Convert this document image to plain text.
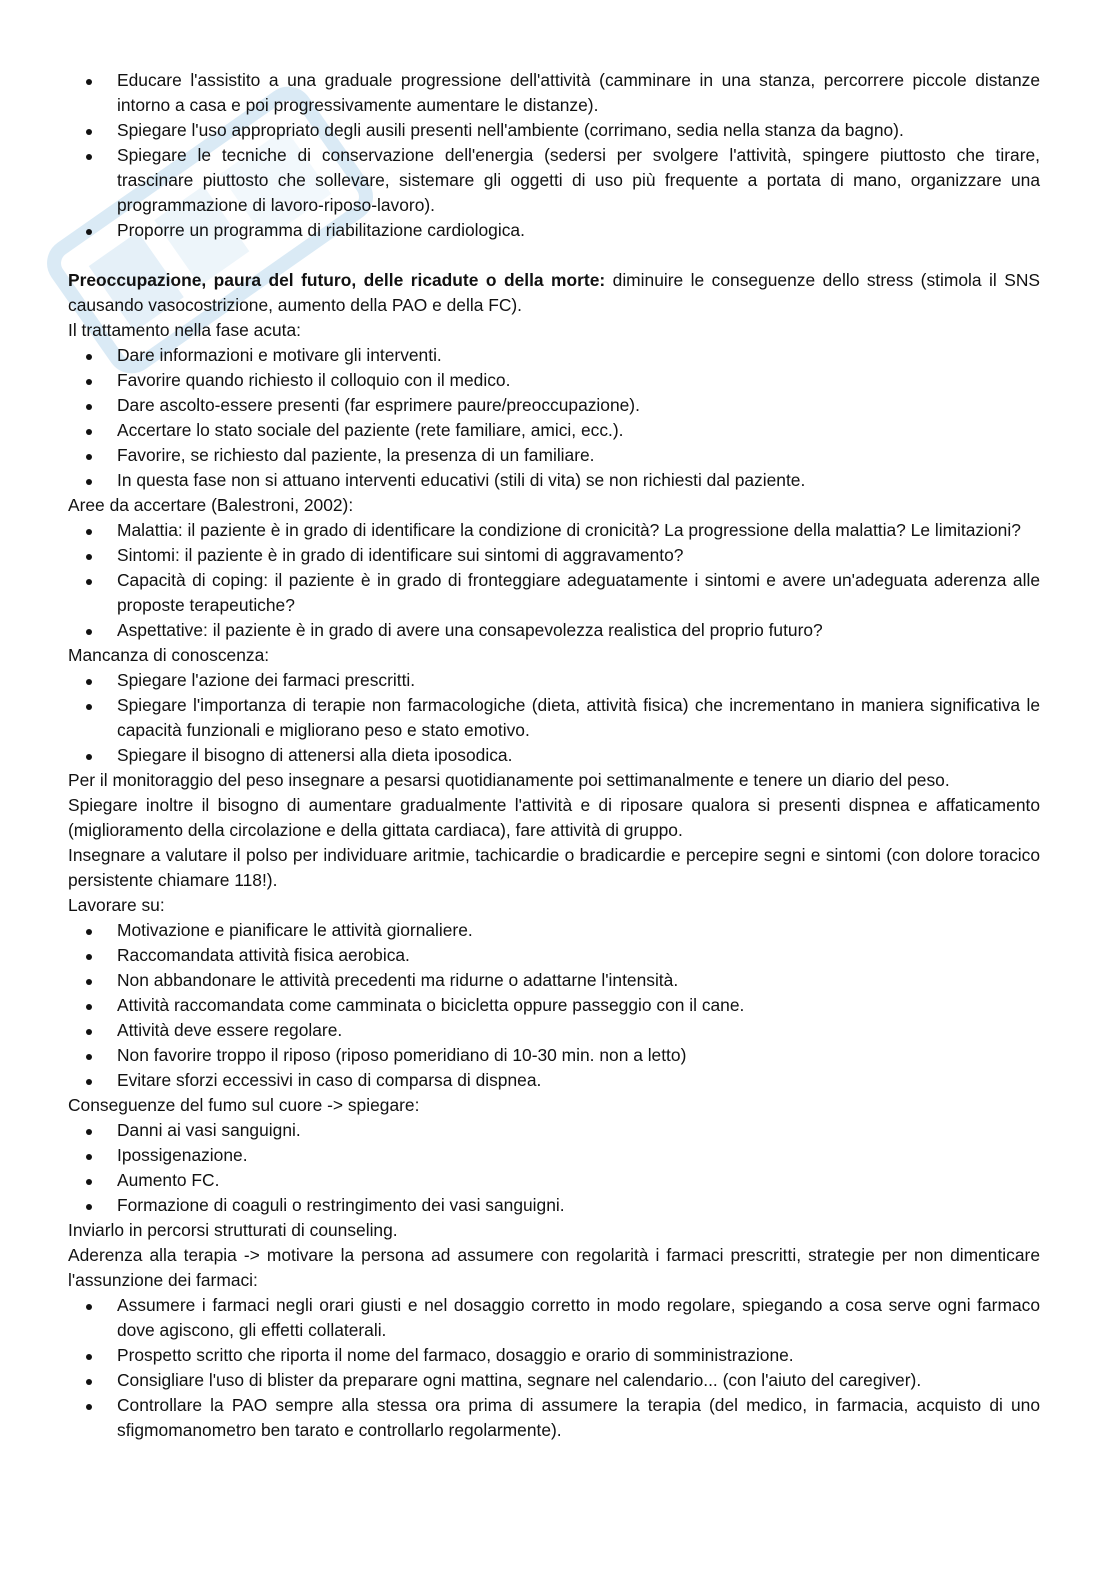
Educare l'assistito a una graduale progressione dell'attività (camminare in una stanza, percorrere piccole distanze intorno a casa e poi progressivamente aumentare le distanze).
Spiegare l'uso appropriato degli ausili presenti nell'ambiente (corrimano, sedia nella stanza da bagno).
Spiegare le tecniche di conservazione dell'energia (sedersi per svolgere l'attività, spingere piuttosto che tirare, trascinare piuttosto che sollevare, sistemare gli oggetti di uso più frequente a portata di mano, organizzare una programmazione di lavoro-riposo-lavoro).
Proporre un programma di riabilitazione cardiologica.

Preoccupazione, paura del futuro, delle ricadute o della morte: diminuire le conseguenze dello stress (stimola il SNS causando vasocostrizione, aumento della PAO e della FC).

Il trattamento nella fase acuta:

Dare informazioni e motivare gli interventi.
Favorire quando richiesto il colloquio con il medico.
Dare ascolto-essere presenti (far esprimere paure/preoccupazione).
Accertare lo stato sociale del paziente (rete familiare, amici, ecc.).
Favorire, se richiesto dal paziente, la presenza di un familiare.
In questa fase non si attuano interventi educativi (stili di vita) se non richiesti dal paziente.

Aree da accertare (Balestroni, 2002):

Malattia: il paziente è in grado di identificare la condizione di cronicità? La progressione della malattia? Le limitazioni?
Sintomi: il paziente è in grado di identificare sui sintomi di aggravamento?
Capacità di coping: il paziente è in grado di fronteggiare adeguatamente i sintomi e avere un'adeguata aderenza alle proposte terapeutiche?
Aspettative: il paziente è in grado di avere una consapevolezza realistica del proprio futuro?

Mancanza di conoscenza:

Spiegare l'azione dei farmaci prescritti.
Spiegare l'importanza di terapie non farmacologiche (dieta, attività fisica) che incrementano in maniera significativa le capacità funzionali e migliorano peso e stato emotivo.
Spiegare il bisogno di attenersi alla dieta iposodica.

Per il monitoraggio del peso insegnare a pesarsi quotidianamente poi settimanalmente e tenere un diario del peso.

Spiegare inoltre il bisogno di aumentare gradualmente l'attività e di riposare qualora si presenti dispnea e affaticamento (miglioramento della circolazione e della gittata cardiaca), fare attività di gruppo.

Insegnare a valutare il polso per individuare aritmie, tachicardie o bradicardie e percepire segni e sintomi (con dolore toracico persistente chiamare 118!).

Lavorare su:

Motivazione e pianificare le attività giornaliere.
Raccomandata attività fisica aerobica.
Non abbandonare le attività precedenti ma ridurne o adattarne l'intensità.
Attività raccomandata come camminata o bicicletta oppure passeggio con il cane.
Attività deve essere regolare.
Non favorire troppo il riposo (riposo pomeridiano di 10-30 min. non a letto)
Evitare sforzi eccessivi in caso di comparsa di dispnea.

Conseguenze del fumo sul cuore -> spiegare:

Danni ai vasi sanguigni.
Ipossigenazione.
Aumento FC.
Formazione di coaguli o restringimento dei vasi sanguigni.

Inviarlo in percorsi strutturati di counseling.

Aderenza alla terapia -> motivare la persona ad assumere con regolarità i farmaci prescritti, strategie per non dimenticare l'assunzione dei farmaci:

Assumere i farmaci negli orari giusti e nel dosaggio corretto in modo regolare, spiegando a cosa serve ogni farmaco dove agiscono, gli effetti collaterali.
Prospetto scritto che riporta il nome del farmaco, dosaggio e orario di somministrazione.
Consigliare l'uso di blister da preparare ogni mattina, segnare nel calendario... (con l'aiuto del caregiver).
Controllare la PAO sempre alla stessa ora prima di assumere la terapia (del medico, in farmacia, acquisto di uno sfigmomanometro ben tarato e controllarlo regolarmente).
